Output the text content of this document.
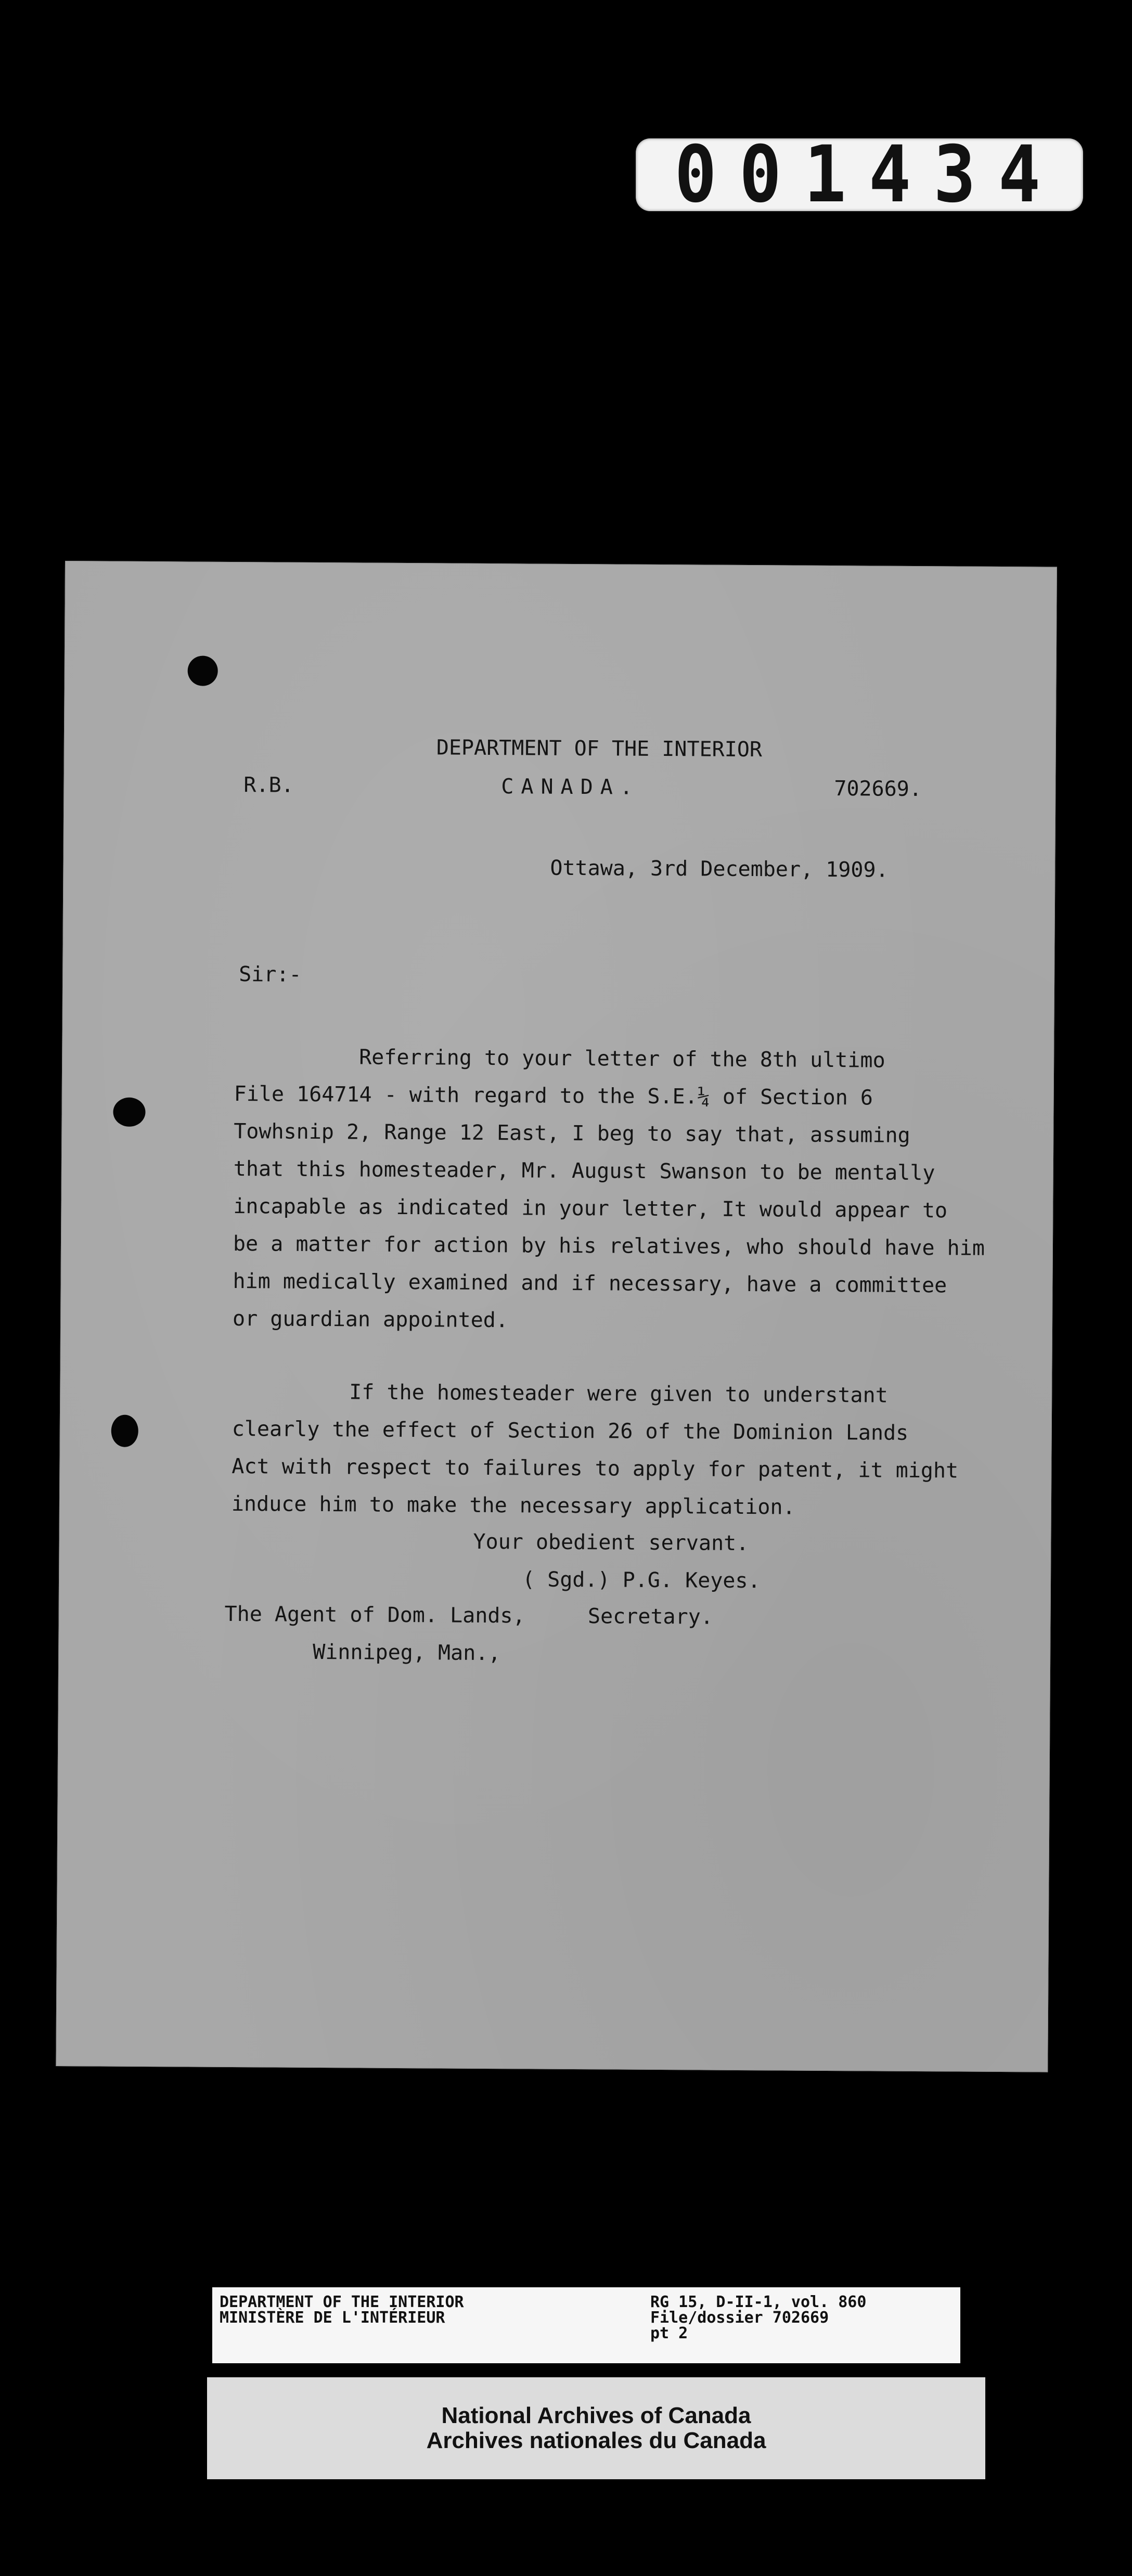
001434
DEPARTMENT OF THE INTERIOR
R.B.	CANADA.	702669.
Ottawa, 3rd December, 1909.
Sir:-
Referring to your letter of the 8th ultimo
File 164714 - with regard to the S.E.¼ of Section 6
Towhsnip 2, Range 12 East, I beg to say that, assuming
that this homesteader, Mr. August Swanson to be mentally
incapable as indicated in your letter, It would appear to
be a matter for action by his relatives, who should have him
him medically examined and if necessary, have a committee
or guardian appointed.
If the homesteader were given to understant
clearly the effect of Section 26 of the Dominion Lands
Act with respect to failures to apply for patent, it might
induce him to make the necessary application.
Your obedient servant.
( Sgd.) P.G. Keyes.
The Agent of Dom. Lands,     Secretary.
Winnipeg, Man.,
DEPARTMENT OF THE INTERIOR
MINISTÈRE DE L'INTÉRIEUR
RG 15, D-II-1, vol. 860
File/dossier 702669
pt 2
National Archives of Canada
Archives nationales du Canada
